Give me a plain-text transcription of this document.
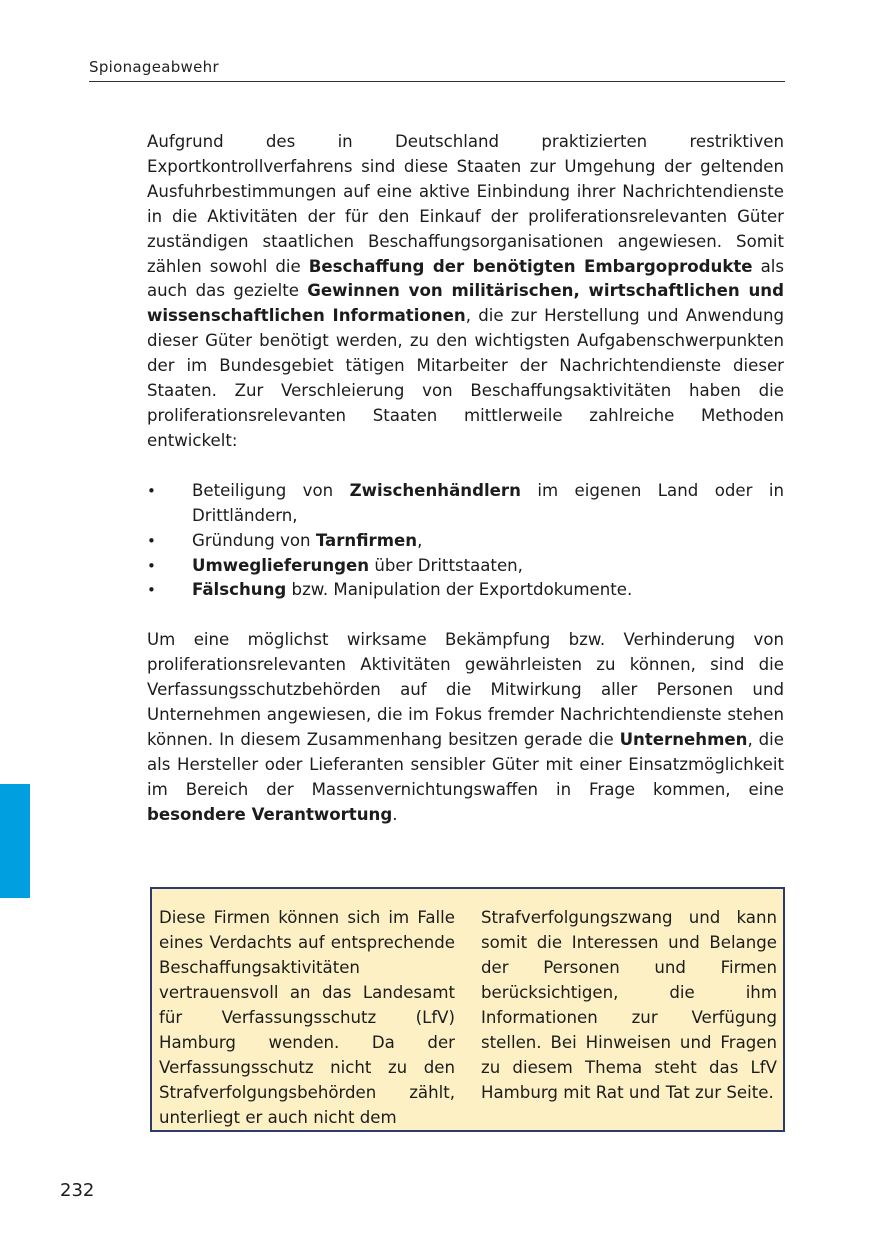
Spionageabwehr

Aufgrund des in Deutschland praktizierten restriktiven Exportkontrollverfahrens sind diese Staaten zur Umgehung der geltenden Ausfuhrbestimmungen auf eine aktive Einbindung ihrer Nachrichtendienste in die Aktivitäten der für den Einkauf der proliferationsrelevanten Güter zuständigen staatlichen Beschaffungsorganisationen angewiesen. Somit zählen sowohl die Beschaffung der benötigten Embargoprodukte als auch das gezielte Gewinnen von militärischen, wirtschaftlichen und wissenschaftlichen Informationen, die zur Herstellung und Anwendung dieser Güter benötigt werden, zu den wichtigsten Aufgabenschwerpunkten der im Bundesgebiet tätigen Mitarbeiter der Nachrichtendienste dieser Staaten. Zur Verschleierung von Beschaffungsaktivitäten haben die proliferationsrelevanten Staaten mittlerweile zahlreiche Methoden entwickelt:

•	Beteiligung von Zwischenhändlern im eigenen Land oder in Drittländern,
•	Gründung von Tarnfirmen,
•	Umweglieferungen über Drittstaaten,
•	Fälschung bzw. Manipulation der Exportdokumente.

Um eine möglichst wirksame Bekämpfung bzw. Verhinderung von proliferationsrelevanten Aktivitäten gewährleisten zu können, sind die Verfassungsschutzbehörden auf die Mitwirkung aller Personen und Unternehmen angewiesen, die im Fokus fremder Nachrichtendienste stehen können. In diesem Zusammenhang besitzen gerade die Unternehmen, die als Hersteller oder Lieferanten sensibler Güter mit einer Einsatzmöglichkeit im Bereich der Massenvernichtungswaffen in Frage kommen, eine besondere Verantwortung.

Diese Firmen können sich im Falle eines Verdachts auf entsprechende Beschaffungsaktivitäten vertrauensvoll an das Landesamt für Verfassungsschutz (LfV) Hamburg wenden. Da der Verfassungsschutz nicht zu den Strafverfolgungsbehörden zählt, unterliegt er auch nicht dem
Strafverfolgungszwang und kann somit die Interessen und Belange der Personen und Firmen berücksichtigen, die ihm Informationen zur Verfügung stellen. Bei Hinweisen und Fragen zu diesem Thema steht das LfV Hamburg mit Rat und Tat zur Seite.
232
